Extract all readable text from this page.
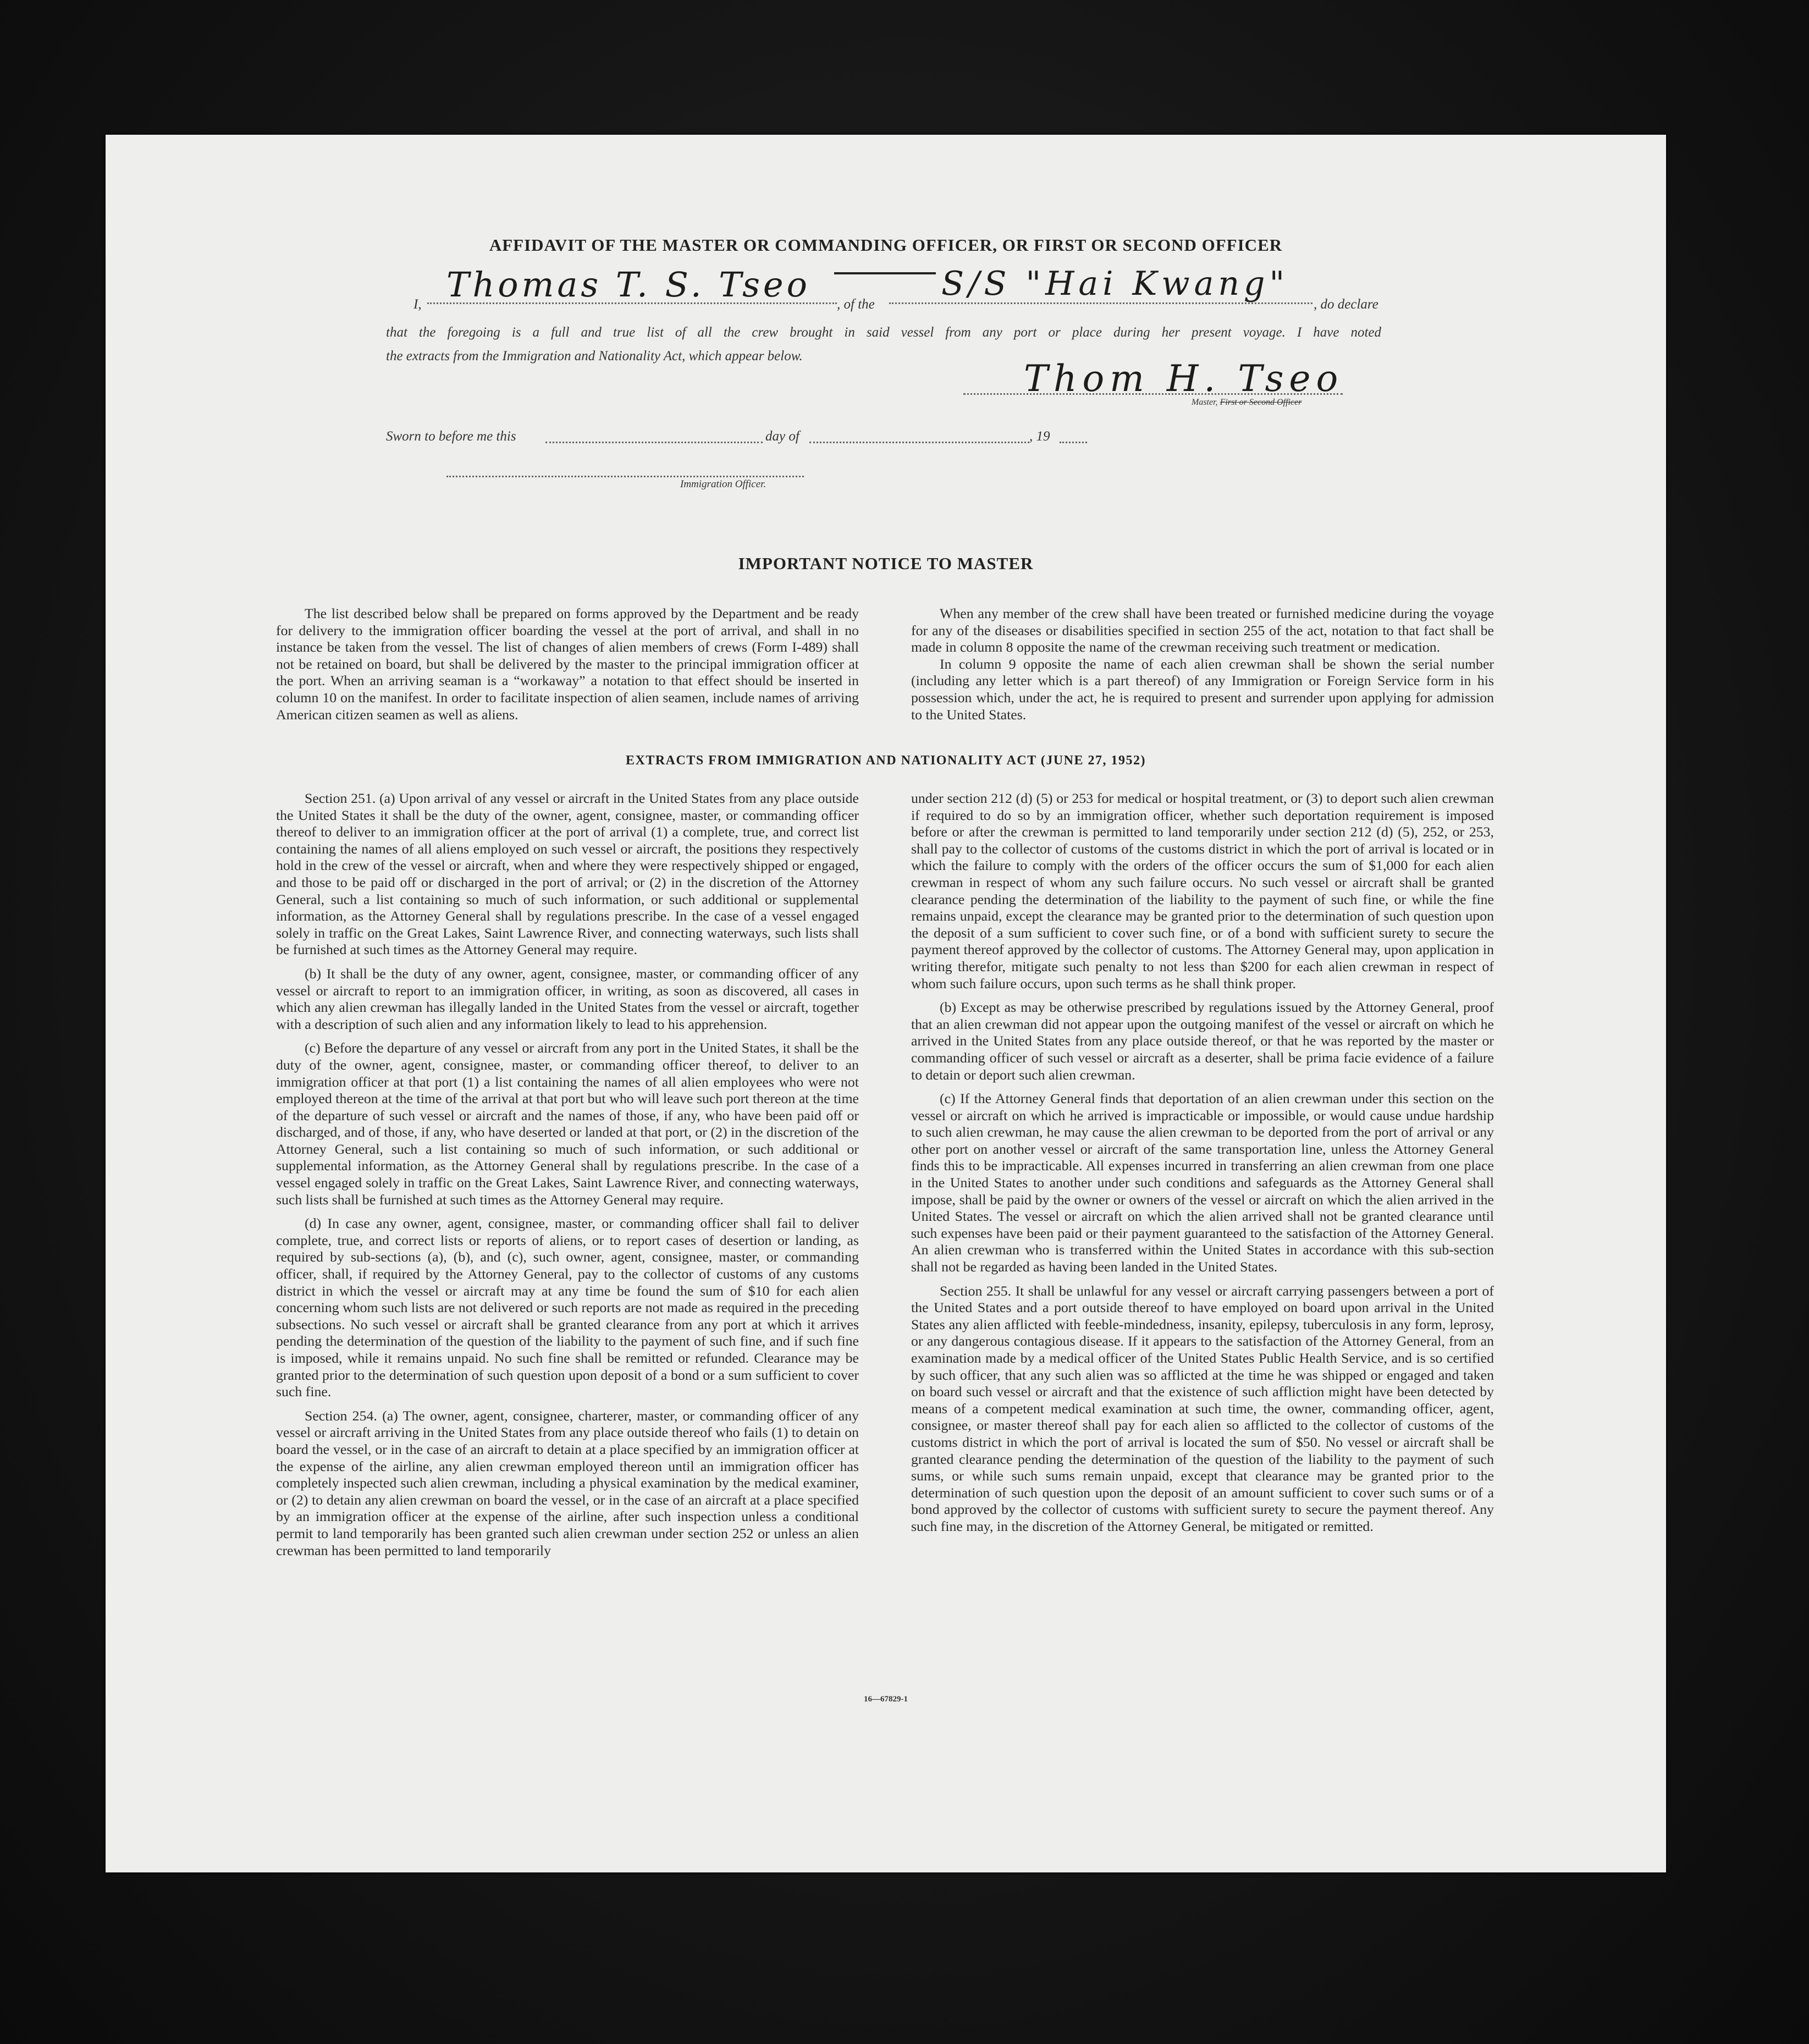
AFFIDAVIT OF THE MASTER OR COMMANDING OFFICER, OR FIRST OR SECOND OFFICER
I, Thomas T. S. Tseo , of the
S/S "Hai Kwang"
, do declare
that the foregoing is a full and true list of all the crew brought in said vessel from any port or place during her present voyage. I have noted
the extracts from the Immigration and Nationality Act, which appear below.
Thom H. Tseo
Master, First or Second Officer
Sworn to before me this	day of	, 19
Immigration Officer.
IMPORTANT NOTICE TO MASTER

The list described below shall be prepared on forms approved by the Department and be ready for delivery to the immigration officer boarding the vessel at the port of arrival, and shall in no instance be taken from the vessel. The list of changes of alien members of crews (Form I-489) shall not be retained on board, but shall be delivered by the master to the principal immigration officer at the port. When an arriving seaman is a “workaway” a notation to that effect should be inserted in column 10 on the manifest. In order to facilitate inspection of alien seamen, include names of arriving American citizen seamen as well as aliens.

When any member of the crew shall have been treated or furnished medicine during the voyage for any of the diseases or disabilities specified in section 255 of the act, notation to that fact shall be made in column 8 opposite the name of the crewman receiving such treatment or medication.

In column 9 opposite the name of each alien crewman shall be shown the serial number (including any letter which is a part thereof) of any Immigration or Foreign Service form in his possession which, under the act, he is required to present and surrender upon applying for admission to the United States.

EXTRACTS FROM IMMIGRATION AND NATIONALITY ACT (JUNE 27, 1952)

Section 251. (a) Upon arrival of any vessel or aircraft in the United States from any place outside the United States it shall be the duty of the owner, agent, consignee, master, or commanding officer thereof to deliver to an immigration officer at the port of arrival (1) a complete, true, and correct list containing the names of all aliens employed on such vessel or aircraft, the positions they respectively hold in the crew of the vessel or aircraft, when and where they were respectively shipped or engaged, and those to be paid off or discharged in the port of arrival; or (2) in the discretion of the Attorney General, such a list containing so much of such information, or such additional or supplemental information, as the Attorney General shall by regulations prescribe. In the case of a vessel engaged solely in traffic on the Great Lakes, Saint Lawrence River, and connecting waterways, such lists shall be furnished at such times as the Attorney General may require.

(b) It shall be the duty of any owner, agent, consignee, master, or commanding officer of any vessel or aircraft to report to an immigration officer, in writing, as soon as discovered, all cases in which any alien crewman has illegally landed in the United States from the vessel or aircraft, together with a description of such alien and any information likely to lead to his apprehension.

(c) Before the departure of any vessel or aircraft from any port in the United States, it shall be the duty of the owner, agent, consignee, master, or commanding officer thereof, to deliver to an immigration officer at that port (1) a list containing the names of all alien employees who were not employed thereon at the time of the arrival at that port but who will leave such port thereon at the time of the departure of such vessel or aircraft and the names of those, if any, who have been paid off or discharged, and of those, if any, who have deserted or landed at that port, or (2) in the discretion of the Attorney General, such a list containing so much of such information, or such additional or supplemental information, as the Attorney General shall by regulations prescribe. In the case of a vessel engaged solely in traffic on the Great Lakes, Saint Lawrence River, and connecting waterways, such lists shall be furnished at such times as the Attorney General may require.

(d) In case any owner, agent, consignee, master, or commanding officer shall fail to deliver complete, true, and correct lists or reports of aliens, or to report cases of desertion or landing, as required by sub-sections (a), (b), and (c), such owner, agent, consignee, master, or commanding officer, shall, if required by the Attorney General, pay to the collector of customs of any customs district in which the vessel or aircraft may at any time be found the sum of $10 for each alien concerning whom such lists are not delivered or such reports are not made as required in the preceding subsections. No such vessel or aircraft shall be granted clearance from any port at which it arrives pending the determination of the question of the liability to the payment of such fine, and if such fine is imposed, while it remains unpaid. No such fine shall be remitted or refunded. Clearance may be granted prior to the determination of such question upon deposit of a bond or a sum sufficient to cover such fine.

Section 254. (a) The owner, agent, consignee, charterer, master, or commanding officer of any vessel or aircraft arriving in the United States from any place outside thereof who fails (1) to detain on board the vessel, or in the case of an aircraft to detain at a place specified by an immigration officer at the expense of the airline, any alien crewman employed thereon until an immigration officer has completely inspected such alien crewman, including a physical examination by the medical examiner, or (2) to detain any alien crewman on board the vessel, or in the case of an aircraft at a place specified by an immigration officer at the expense of the airline, after such inspection unless a conditional permit to land temporarily has been granted such alien crewman under section 252 or unless an alien crewman has been permitted to land temporarily

under section 212 (d) (5) or 253 for medical or hospital treatment, or (3) to deport such alien crewman if required to do so by an immigration officer, whether such deportation requirement is imposed before or after the crewman is permitted to land temporarily under section 212 (d) (5), 252, or 253, shall pay to the collector of customs of the customs district in which the port of arrival is located or in which the failure to comply with the orders of the officer occurs the sum of $1,000 for each alien crewman in respect of whom any such failure occurs. No such vessel or aircraft shall be granted clearance pending the determination of the liability to the payment of such fine, or while the fine remains unpaid, except the clearance may be granted prior to the determination of such question upon the deposit of a sum sufficient to cover such fine, or of a bond with sufficient surety to secure the payment thereof approved by the collector of customs. The Attorney General may, upon application in writing therefor, mitigate such penalty to not less than $200 for each alien crewman in respect of whom such failure occurs, upon such terms as he shall think proper.

(b) Except as may be otherwise prescribed by regulations issued by the Attorney General, proof that an alien crewman did not appear upon the outgoing manifest of the vessel or aircraft on which he arrived in the United States from any place outside thereof, or that he was reported by the master or commanding officer of such vessel or aircraft as a deserter, shall be prima facie evidence of a failure to detain or deport such alien crewman.

(c) If the Attorney General finds that deportation of an alien crewman under this section on the vessel or aircraft on which he arrived is impracticable or impossible, or would cause undue hardship to such alien crewman, he may cause the alien crewman to be deported from the port of arrival or any other port on another vessel or aircraft of the same transportation line, unless the Attorney General finds this to be impracticable. All expenses incurred in transferring an alien crewman from one place in the United States to another under such conditions and safeguards as the Attorney General shall impose, shall be paid by the owner or owners of the vessel or aircraft on which the alien arrived in the United States. The vessel or aircraft on which the alien arrived shall not be granted clearance until such expenses have been paid or their payment guaranteed to the satisfaction of the Attorney General. An alien crewman who is transferred within the United States in accordance with this sub-section shall not be regarded as having been landed in the United States.

Section 255. It shall be unlawful for any vessel or aircraft carrying passengers between a port of the United States and a port outside thereof to have employed on board upon arrival in the United States any alien afflicted with feeble-mindedness, insanity, epilepsy, tuberculosis in any form, leprosy, or any dangerous contagious disease. If it appears to the satisfaction of the Attorney General, from an examination made by a medical officer of the United States Public Health Service, and is so certified by such officer, that any such alien was so afflicted at the time he was shipped or engaged and taken on board such vessel or aircraft and that the existence of such affliction might have been detected by means of a competent medical examination at such time, the owner, commanding officer, agent, consignee, or master thereof shall pay for each alien so afflicted to the collector of customs of the customs district in which the port of arrival is located the sum of $50. No vessel or aircraft shall be granted clearance pending the determination of the question of the liability to the payment of such sums, or while such sums remain unpaid, except that clearance may be granted prior to the determination of such question upon the deposit of an amount sufficient to cover such sums or of a bond approved by the collector of customs with sufficient surety to secure the payment thereof. Any such fine may, in the discretion of the Attorney General, be mitigated or remitted.

16—67829-1
